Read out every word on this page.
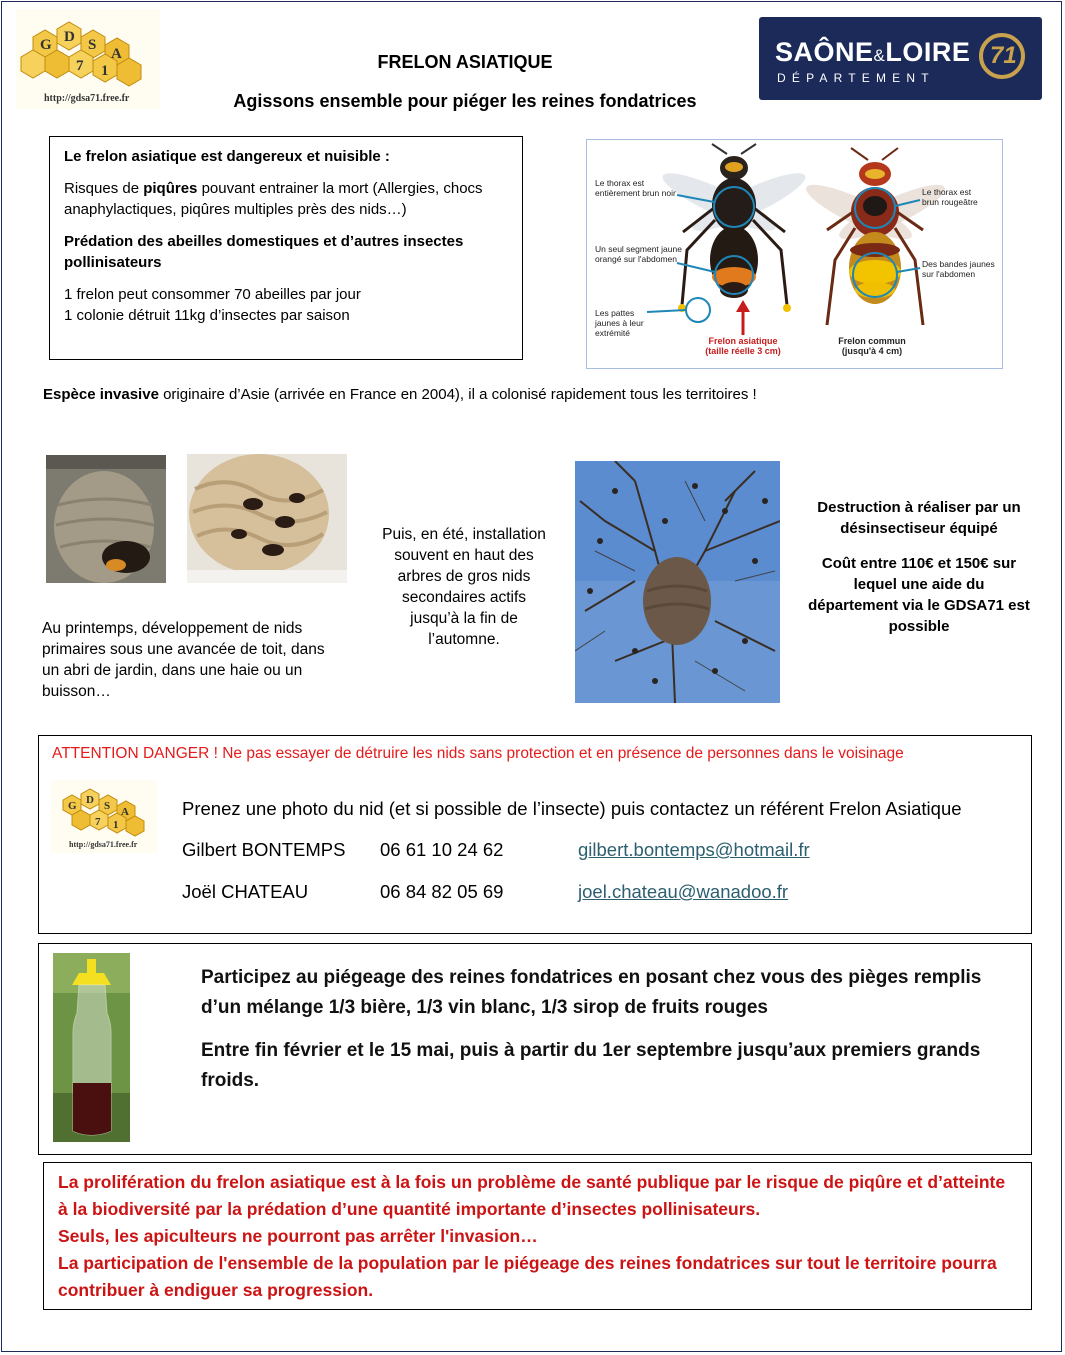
G D S
A
7 1
http://gdsa71.free.fr
FRELON ASIATIQUE
Agissons ensemble pour piéger les reines fondatrices
SAÔNE&LOIRE
DÉPARTEMENT
71

Le frelon asiatique est dangereux et nuisible :

Risques de piqûres pouvant entrainer la mort (Allergies, chocs anaphylactiques, piqûres multiples près des nids…)

Prédation des abeilles domestiques et d’autres insectes pollinisateurs

1 frelon peut consommer 70 abeilles par jour
1 colonie détruit 11kg d’insectes par saison

Le thorax est entièrement brun noir
Un seul segment jaune orangé sur l'abdomen
Les pattes jaunes à leur extrémité
Le thorax est brun rougeâtre
Des bandes jaunes sur l'abdomen
Frelon asiatique
(taille réelle 3 cm)
Frelon commun
(jusqu'à 4 cm)
Espèce invasive originaire d’Asie (arrivée en France en 2004), il a colonisé rapidement tous les territoires !
Au printemps, développement de nids primaires sous une avancée de toit, dans un abri de jardin, dans une haie ou un buisson…
Puis, en été, installation souvent en haut des arbres de gros nids secondaires actifs jusqu’à la fin de l’automne.

Destruction à réaliser par un désinsectiseur équipé

Coût entre 110€ et 150€ sur lequel une aide du département via le GDSA71 est possible

ATTENTION DANGER ! Ne pas essayer de détruire les nids sans protection et en présence de personnes dans le voisinage
G D S A
7 1
http://gdsa71.free.fr
Prenez une photo du nid (et si possible de l’insecte) puis contactez un référent Frelon Asiatique
Gilbert BONTEMPS 06 61 10 24 62	gilbert.bontemps@hotmail.fr
Joël CHATEAU	06 84 82 05 69	joel.chateau@wanadoo.fr

Participez au piégeage des reines fondatrices en posant chez vous des pièges remplis d’un mélange 1/3 bière, 1/3 vin blanc, 1/3 sirop de fruits rouges

Entre fin février et le 15 mai, puis à partir du 1er septembre jusqu’aux premiers grands froids.

La prolifération du frelon asiatique est à la fois un problème de santé publique par le risque de piqûre et d’atteinte à la biodiversité par la prédation d’une quantité importante d’insectes pollinisateurs.

Seuls, les apiculteurs ne pourront pas arrêter l'invasion…

La participation de l'ensemble de la population par le piégeage des reines fondatrices sur tout le territoire pourra contribuer à endiguer sa progression.
